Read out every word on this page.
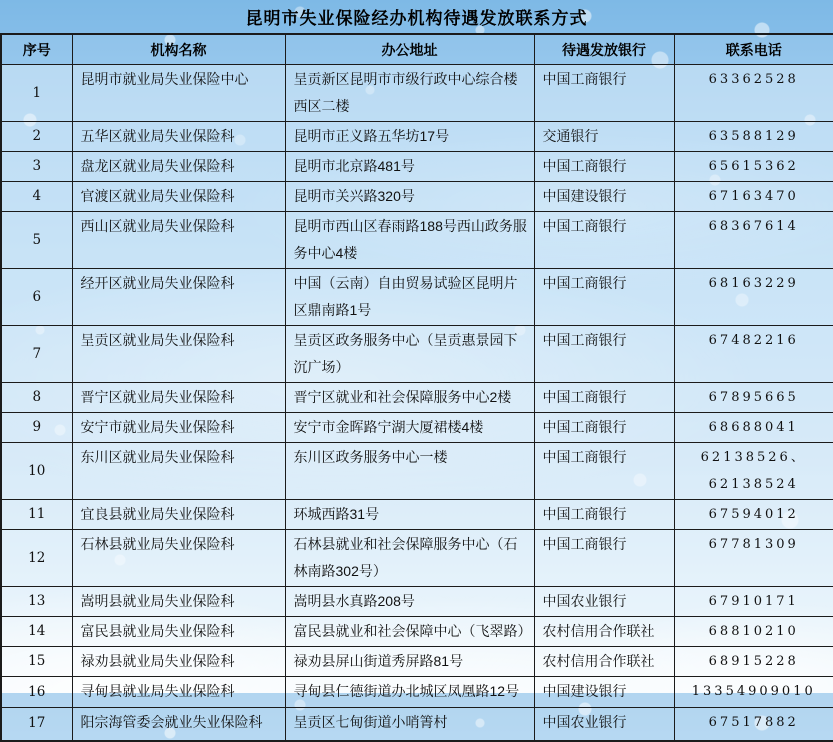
昆明市失业保险经办机构待遇发放联系方式
序号	机构名称	办公地址	待遇发放银行	联系电话
1	昆明市就业局失业保险中心	呈贡新区昆明市市级行政中心综合楼西区二楼	中国工商银行	63362528
2	五华区就业局失业保险科	昆明市正义路五华坊17号	交通银行	63588129
3	盘龙区就业局失业保险科	昆明市北京路481号	中国工商银行	65615362
4	官渡区就业局失业保险科	昆明市关兴路320号	中国建设银行	67163470
5	西山区就业局失业保险科	昆明市西山区春雨路188号西山政务服务中心4楼	中国工商银行	68367614
6	经开区就业局失业保险科	中国（云南）自由贸易试验区昆明片区鼎南路1号	中国工商银行	68163229
7	呈贡区就业局失业保险科	呈贡区政务服务中心（呈贡惠景园下沉广场）	中国工商银行	67482216
8	晋宁区就业局失业保险科	晋宁区就业和社会保障服务中心2楼	中国工商银行	67895665
9	安宁市就业局失业保险科	安宁市金晖路宁湖大厦裙楼4楼	中国工商银行	68688041
10	东川区就业局失业保险科	东川区政务服务中心一楼	中国工商银行	62138526、62138524
11	宜良县就业局失业保险科	环城西路31号	中国工商银行	67594012
12	石林县就业局失业保险科	石林县就业和社会保障服务中心（石林南路302号）	中国工商银行	67781309
13	嵩明县就业局失业保险科	嵩明县水真路208号	中国农业银行	67910171
14	富民县就业局失业保险科	富民县就业和社会保障中心（飞翠路）	农村信用合作联社	68810210
15	禄劝县就业局失业保险科	禄劝县屏山街道秀屏路81号	农村信用合作联社	68915228
16	寻甸县就业局失业保险科	寻甸县仁德街道办北城区凤凰路12号	中国建设银行	13354909010
17	阳宗海管委会就业失业保险科	呈贡区七甸街道小哨箐村	中国农业银行	67517882
